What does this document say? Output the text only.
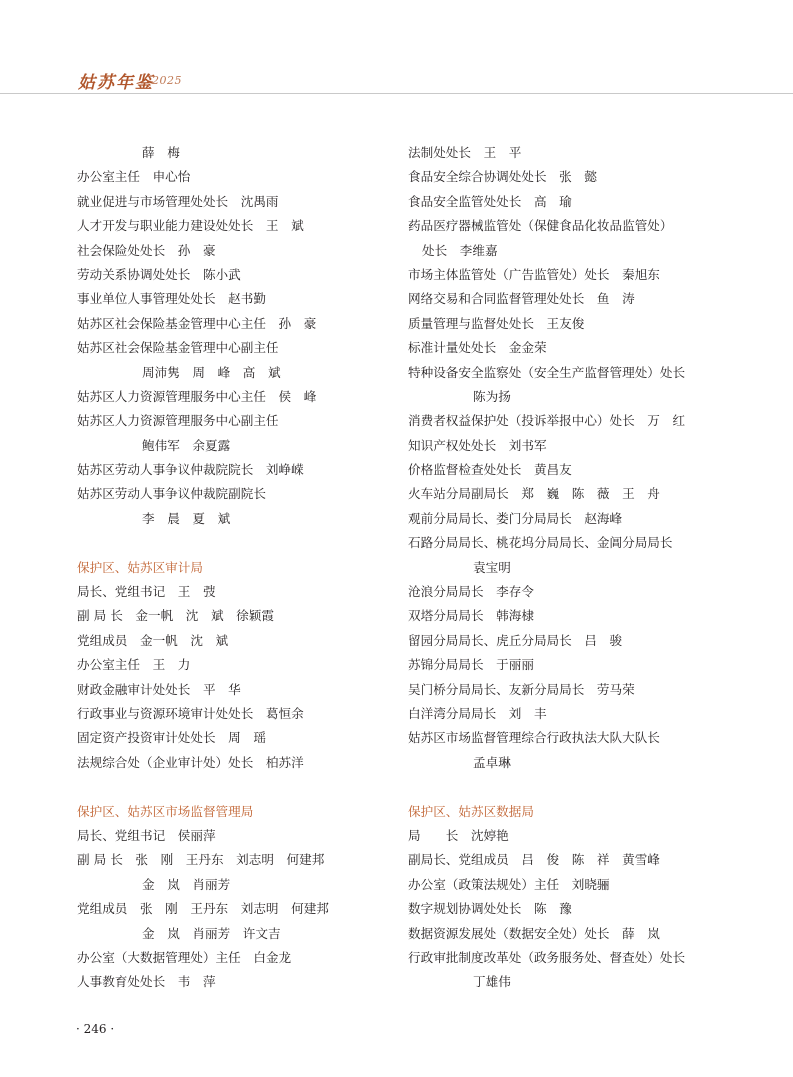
姑苏年鉴
2025
薛　梅
办公室主任　申心怡
就业促进与市场管理处处长　沈禺雨
人才开发与职业能力建设处处长　王　斌
社会保险处处长　孙　豪
劳动关系协调处处长　陈小武
事业单位人事管理处处长　赵书勤
姑苏区社会保险基金管理中心主任　孙　豪
姑苏区社会保险基金管理中心副主任
周沛隽　周　峰　高　斌
姑苏区人力资源管理服务中心主任　侯　峰
姑苏区人力资源管理服务中心副主任
鲍伟军　余夏露
姑苏区劳动人事争议仲裁院院长　刘峥嵘
姑苏区劳动人事争议仲裁院副院长
李　晨　夏　斌
保护区、姑苏区审计局
局长、党组书记　王　弢
副 局 长　金一帆　沈　斌　徐颖霞
党组成员　金一帆　沈　斌
办公室主任　王　力
财政金融审计处处长　平　华
行政事业与资源环境审计处处长　葛恒余
固定资产投资审计处处长　周　瑶
法规综合处（企业审计处）处长　柏苏洋
保护区、姑苏区市场监督管理局
局长、党组书记　侯丽萍
副 局 长　张　刚　王丹东　刘志明　何建邦
金　岚　肖丽芳
党组成员　张　刚　王丹东　刘志明　何建邦
金　岚　肖丽芳　许文吉
办公室（大数据管理处）主任　白金龙
人事教育处处长　韦　萍
法制处处长　王　平
食品安全综合协调处处长　张　懿
食品安全监管处处长　高　瑜
药品医疗器械监管处（保健食品化妆品监管处）
处长　李维嘉
市场主体监管处（广告监管处）处长　秦旭东
网络交易和合同监督管理处处长　鱼　涛
质量管理与监督处处长　王友俊
标准计量处处长　金金荣
特种设备安全监察处（安全生产监督管理处）处长
陈为扬
消费者权益保护处（投诉举报中心）处长　万　红
知识产权处处长　刘书军
价格监督检查处处长　黄昌友
火车站分局副局长　郑　巍　陈　薇　王　舟
观前分局局长、娄门分局局长　赵海峰
石路分局局长、桃花坞分局局长、金阊分局局长
袁宝明
沧浪分局局长　李存令
双塔分局局长　韩海棣
留园分局局长、虎丘分局局长　吕　骏
苏锦分局局长　于丽丽
吴门桥分局局长、友新分局局长　劳马荣
白洋湾分局局长　刘　丰
姑苏区市场监督管理综合行政执法大队大队长
孟卓琳
保护区、姑苏区数据局
局　　长　沈婷艳
副局长、党组成员　吕　俊　陈　祥　黄雪峰
办公室（政策法规处）主任　刘晓骊
数字规划协调处处长　陈　豫
数据资源发展处（数据安全处）处长　薛　岚
行政审批制度改革处（政务服务处、督查处）处长
丁雄伟
· 246 ·
